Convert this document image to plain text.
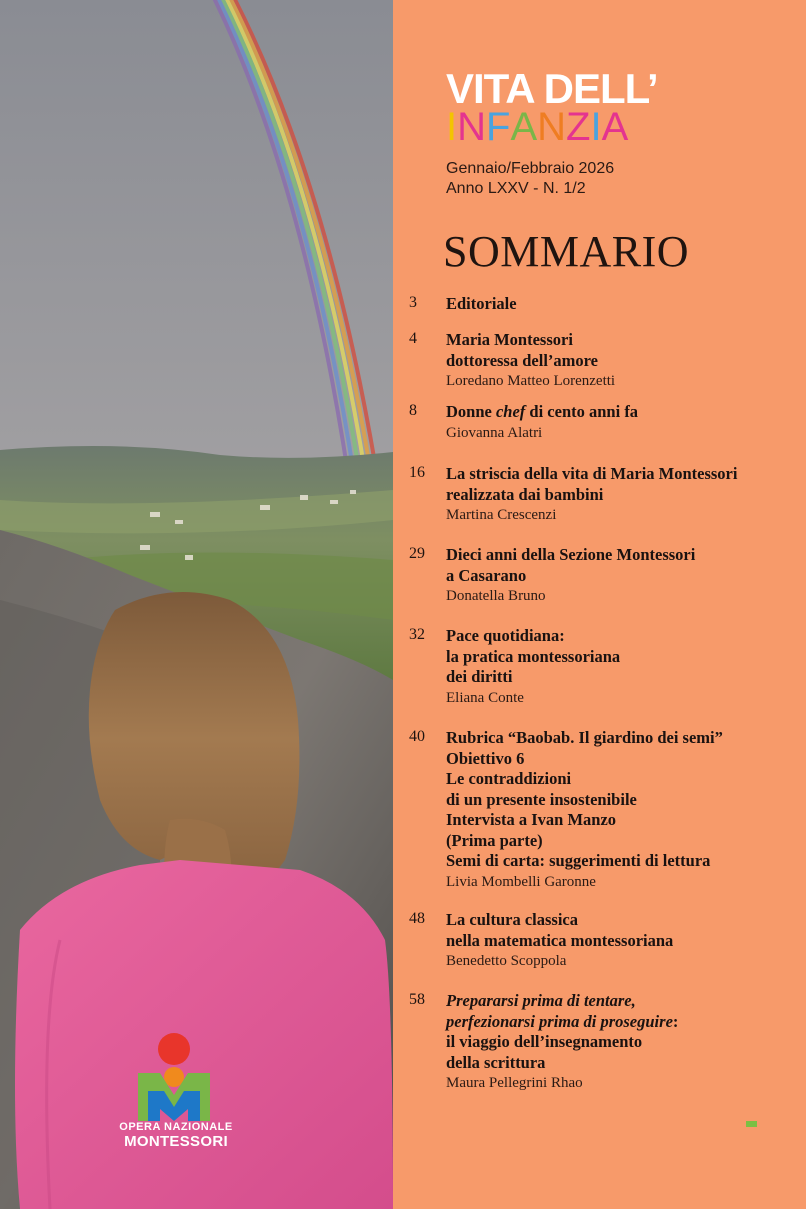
OPERA NAZIONALE
MONTESSORI
VITA DELL’
INFANZIA
Gennaio/Febbraio 2026
Anno LXXV - N. 1/2
SOMMARIO
3 Editoriale
4 Maria Montessori
dottoressa dell’amore
Loredano Matteo Lorenzetti
8 Donne chef di cento anni fa
Giovanna Alatri
16 La striscia della vita di Maria Montessori
realizzata dai bambini
Martina Crescenzi
29 Dieci anni della Sezione Montessori
a Casarano
Donatella Bruno
32 Pace quotidiana:
la pratica montessoriana
dei diritti
Eliana Conte
40 Rubrica “Baobab. Il giardino dei semi”
Obiettivo 6
Le contraddizioni
di un presente insostenibile
Intervista a Ivan Manzo
(Prima parte)
Semi di carta: suggerimenti di lettura
Livia Mombelli Garonne
48 La cultura classica
nella matematica montessoriana
Benedetto Scoppola
58 Prepararsi prima di tentare,
perfezionarsi prima di proseguire:
il viaggio dell’insegnamento
della scrittura
Maura Pellegrini Rhao
